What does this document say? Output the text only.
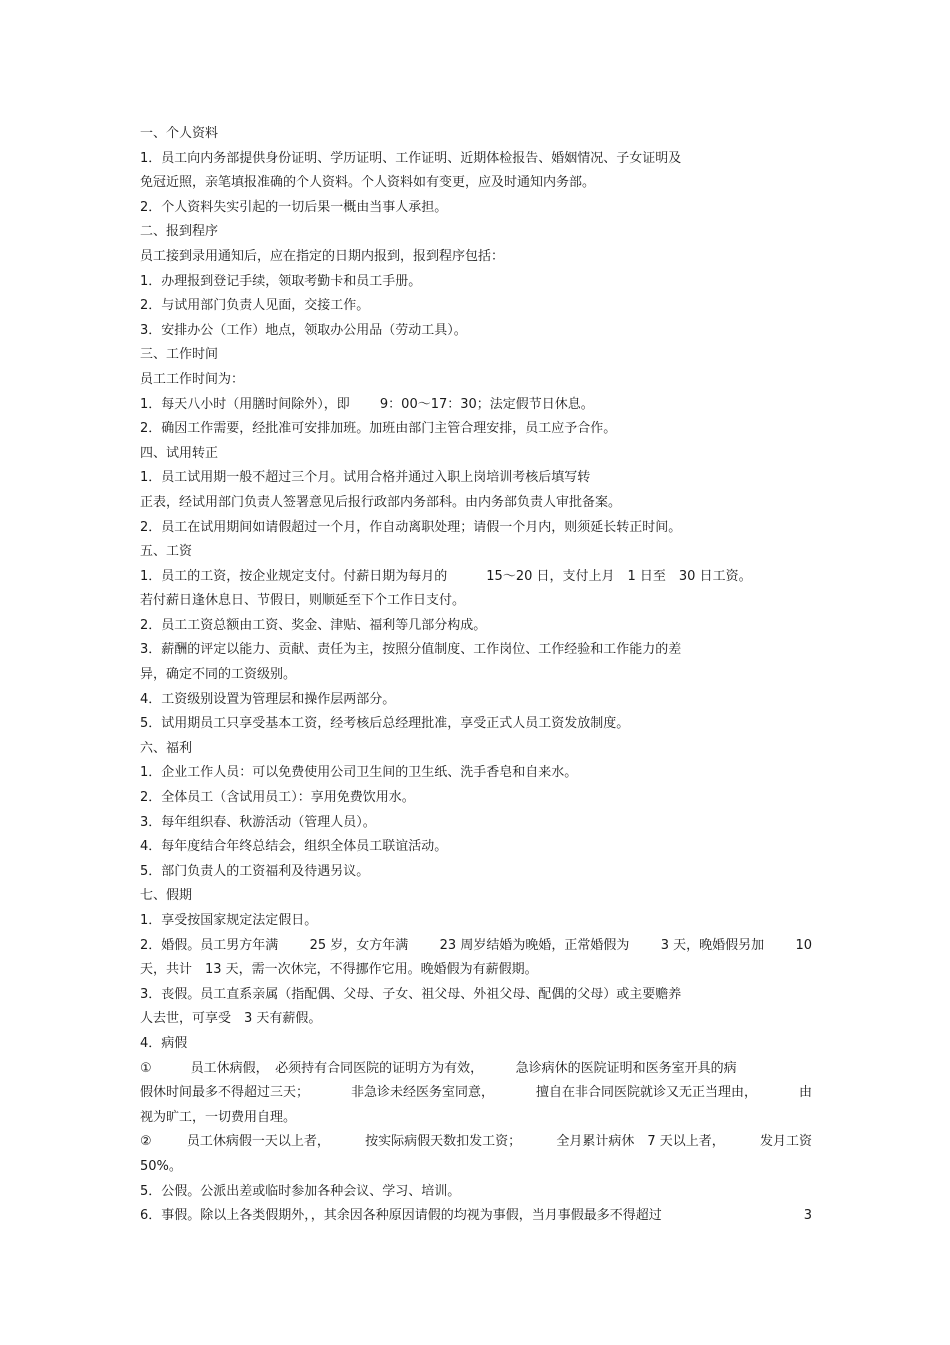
一、个人资料
1．员工向内务部提供身份证明、学历证明、工作证明、近期体检报告、婚姻情况、子女证明及
免冠近照，亲笔填报准确的个人资料。个人资料如有变更，应及时通知内务部。
2．个人资料失实引起的一切后果一概由当事人承担。
二、报到程序
员工接到录用通知后，应在指定的日期内报到，报到程序包括：
1．办理报到登记手续，领取考勤卡和员工手册。
2．与试用部门负责人见面，交接工作。
3．安排办公（工作）地点，领取办公用品（劳动工具）。
三、工作时间
员工工作时间为：
1．每天八小时（用膳时间除外），即 　　9：00～17：30；法定假节日休息。
2．确因工作需要，经批准可安排加班。加班由部门主管合理安排，员工应予合作。
四、试用转正
1．员工试用期一般不超过三个月。试用合格并通过入职上岗培训考核后填写转
正表，经试用部门负责人签署意见后报行政部内务部科。由内务部负责人审批备案。
2．员工在试用期间如请假超过一个月，作自动离职处理；请假一个月内，则须延长转正时间。
五、工资
1．员工的工资，按企业规定支付。付薪日期为每月的　　　15～20 日，支付上月　1 日至　30 日工资。
若付薪日逢休息日、节假日，则顺延至下个工作日支付。
2．员工工资总额由工资、奖金、津贴、福利等几部分构成。
3．薪酬的评定以能力、贡献、责任为主，按照分值制度、工作岗位、工作经验和工作能力的差
异，确定不同的工资级别。
4．工资级别设置为管理层和操作层两部分。
5．试用期员工只享受基本工资，经考核后总经理批准，享受正式人员工资发放制度。
六、福利
1．企业工作人员：可以免费使用公司卫生间的卫生纸、洗手香皂和自来水。
2．全体员工（含试用员工）：享用免费饮用水。
3．每年组织春、秋游活动（管理人员）。
4．每年度结合年终总结会，组织全体员工联谊活动。
5．部门负责人的工资福利及待遇另议。
七、假期
1．享受按国家规定法定假日。
2．婚假。员工男方年满 25 岁，女方年满 23 周岁结婚为晚婚，正常婚假为 3 天，晚婚假另加 10
天，共计　13 天，需一次休完，不得挪作它用。晚婚假为有薪假期。
3．丧假。员工直系亲属（指配偶、父母、子女、祖父母、外祖父母、配偶的父母）或主要赡养
人去世，可享受　3 天有薪假。
4．病假
①　　　员工休病假，　必须持有合同医院的证明方为有效，　　　急诊病休的医院证明和医务室开具的病
假休时间最多不得超过三天；	非急诊未经医务室同意，	擅自在非合同医院就诊又无正当理由，	由
视为旷工，一切费用自理。
②	员工休病假一天以上者，	按实际病假天数扣发工资；	全月累计病休　7 天以上者，	发月工资
50%。
5．公假。公派出差或临时参加各种会议、学习、培训。
6．事假。除以上各类假期外，，其余因各种原因请假的均视为事假，当月事假最多不得超过	3
